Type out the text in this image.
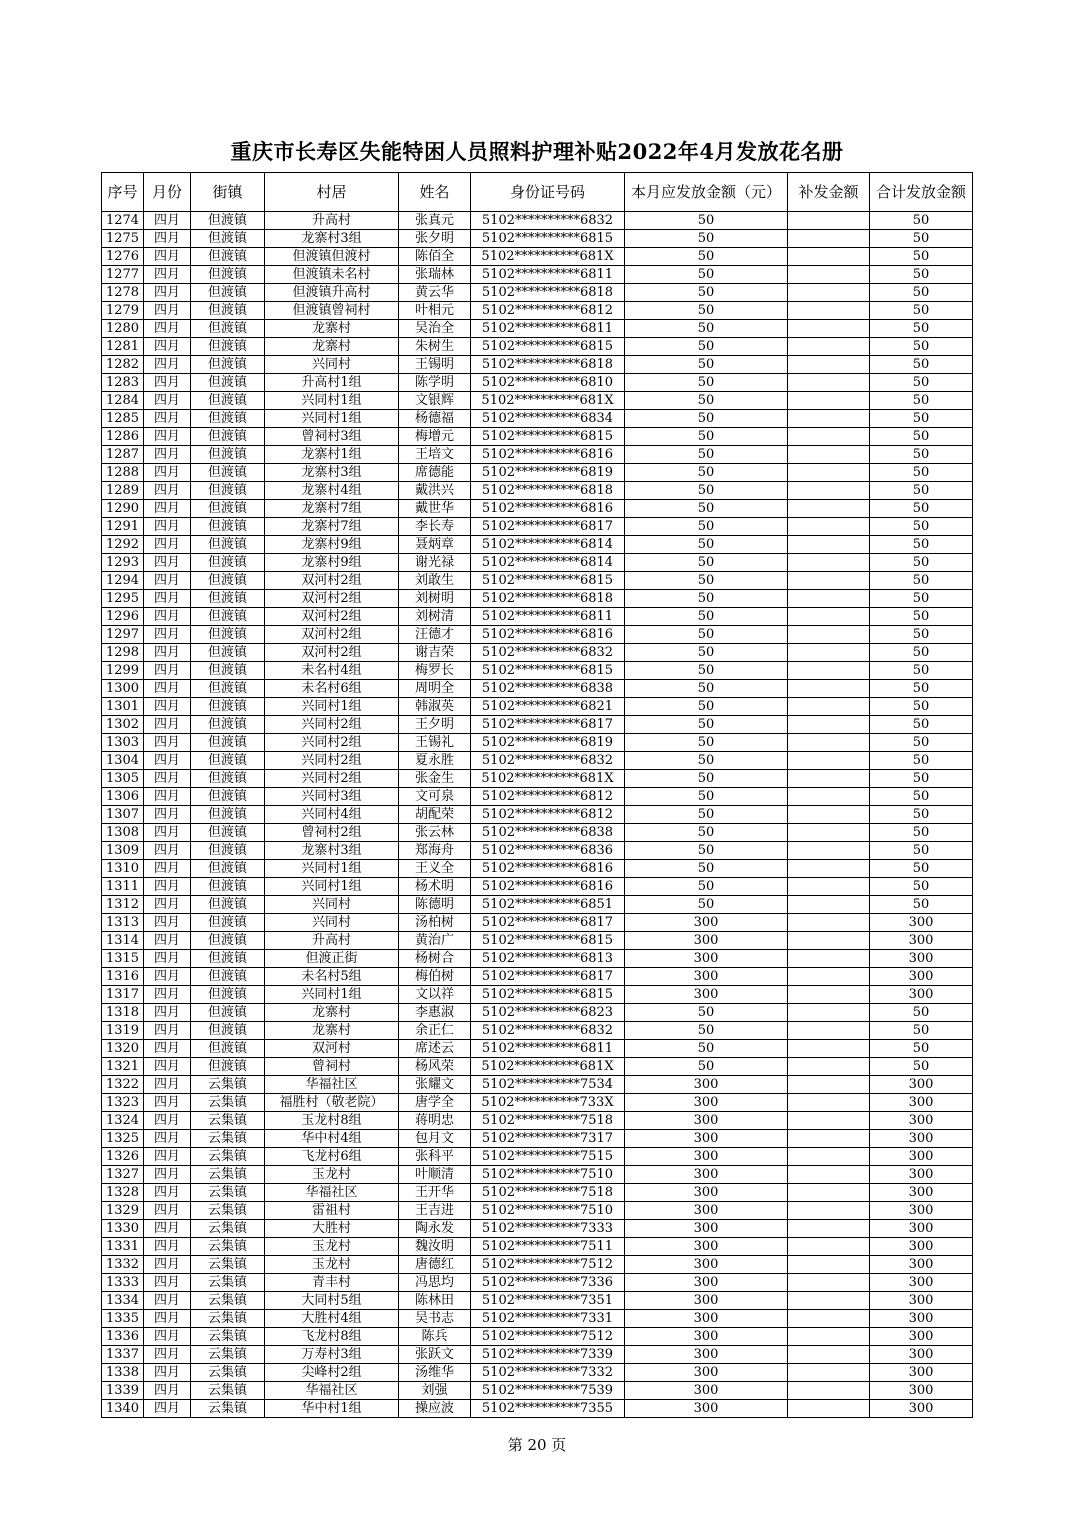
重庆市长寿区失能特困人员照料护理补贴2022年4月发放花名册
序号	月份	街镇	村居	姓名	身份证号码	本月应发放金额（元）	补发金额	合计发放金额
1274	四月	但渡镇	升高村	张真元	5102**********6832	50		50
1275	四月	但渡镇	龙寨村3组	张夕明	5102**********6815	50		50
1276	四月	但渡镇	但渡镇但渡村	陈佰全	5102**********681X	50		50
1277	四月	但渡镇	但渡镇未名村	张瑞林	5102**********6811	50		50
1278	四月	但渡镇	但渡镇升高村	黄云华	5102**********6818	50		50
1279	四月	但渡镇	但渡镇曾祠村	叶相元	5102**********6812	50		50
1280	四月	但渡镇	龙寨村	吴治全	5102**********6811	50		50
1281	四月	但渡镇	龙寨村	朱树生	5102**********6815	50		50
1282	四月	但渡镇	兴同村	王锡明	5102**********6818	50		50
1283	四月	但渡镇	升高村1组	陈学明	5102**********6810	50		50
1284	四月	但渡镇	兴同村1组	文银辉	5102**********681X	50		50
1285	四月	但渡镇	兴同村1组	杨德福	5102**********6834	50		50
1286	四月	但渡镇	曾祠村3组	梅增元	5102**********6815	50		50
1287	四月	但渡镇	龙寨村1组	王培文	5102**********6816	50		50
1288	四月	但渡镇	龙寨村3组	席德能	5102**********6819	50		50
1289	四月	但渡镇	龙寨村4组	戴洪兴	5102**********6818	50		50
1290	四月	但渡镇	龙寨村7组	戴世华	5102**********6816	50		50
1291	四月	但渡镇	龙寨村7组	李长寿	5102**********6817	50		50
1292	四月	但渡镇	龙寨村9组	聂炳章	5102**********6814	50		50
1293	四月	但渡镇	龙寨村9组	谢光禄	5102**********6814	50		50
1294	四月	但渡镇	双河村2组	刘敢生	5102**********6815	50		50
1295	四月	但渡镇	双河村2组	刘树明	5102**********6818	50		50
1296	四月	但渡镇	双河村2组	刘树清	5102**********6811	50		50
1297	四月	但渡镇	双河村2组	汪德才	5102**********6816	50		50
1298	四月	但渡镇	双河村2组	谢吉荣	5102**********6832	50		50
1299	四月	但渡镇	未名村4组	梅罗长	5102**********6815	50		50
1300	四月	但渡镇	未名村6组	周明全	5102**********6838	50		50
1301	四月	但渡镇	兴同村1组	韩淑英	5102**********6821	50		50
1302	四月	但渡镇	兴同村2组	王夕明	5102**********6817	50		50
1303	四月	但渡镇	兴同村2组	王锡礼	5102**********6819	50		50
1304	四月	但渡镇	兴同村2组	夏永胜	5102**********6832	50		50
1305	四月	但渡镇	兴同村2组	张金生	5102**********681X	50		50
1306	四月	但渡镇	兴同村3组	文可泉	5102**********6812	50		50
1307	四月	但渡镇	兴同村4组	胡配荣	5102**********6812	50		50
1308	四月	但渡镇	曾祠村2组	张云林	5102**********6838	50		50
1309	四月	但渡镇	龙寨村3组	郑海舟	5102**********6836	50		50
1310	四月	但渡镇	兴同村1组	王义全	5102**********6816	50		50
1311	四月	但渡镇	兴同村1组	杨术明	5102**********6816	50		50
1312	四月	但渡镇	兴同村	陈德明	5102**********6851	50		50
1313	四月	但渡镇	兴同村	汤柏树	5102**********6817	300		300
1314	四月	但渡镇	升高村	黄治广	5102**********6815	300		300
1315	四月	但渡镇	但渡正街	杨树合	5102**********6813	300		300
1316	四月	但渡镇	未名村5组	梅伯树	5102**********6817	300		300
1317	四月	但渡镇	兴同村1组	文以祥	5102**********6815	300		300
1318	四月	但渡镇	龙寨村	李惠淑	5102**********6823	50		50
1319	四月	但渡镇	龙寨村	余正仁	5102**********6832	50		50
1320	四月	但渡镇	双河村	席述云	5102**********6811	50		50
1321	四月	但渡镇	曾祠村	杨风荣	5102**********681X	50		50
1322	四月	云集镇	华福社区	张耀文	5102**********7534	300		300
1323	四月	云集镇	福胜村（敬老院）	唐学全	5102**********733X	300		300
1324	四月	云集镇	玉龙村8组	蒋明忠	5102**********7518	300		300
1325	四月	云集镇	华中村4组	包月文	5102**********7317	300		300
1326	四月	云集镇	飞龙村6组	张科平	5102**********7515	300		300
1327	四月	云集镇	玉龙村	叶顺清	5102**********7510	300		300
1328	四月	云集镇	华福社区	王开华	5102**********7518	300		300
1329	四月	云集镇	雷祖村	王吉进	5102**********7510	300		300
1330	四月	云集镇	大胜村	陶永发	5102**********7333	300		300
1331	四月	云集镇	玉龙村	魏汝明	5102**********7511	300		300
1332	四月	云集镇	玉龙村	唐德红	5102**********7512	300		300
1333	四月	云集镇	青丰村	冯思均	5102**********7336	300		300
1334	四月	云集镇	大同村5组	陈林田	5102**********7351	300		300
1335	四月	云集镇	大胜村4组	吴书志	5102**********7331	300		300
1336	四月	云集镇	飞龙村8组	陈兵	5102**********7512	300		300
1337	四月	云集镇	万寿村3组	张跃文	5102**********7339	300		300
1338	四月	云集镇	尖峰村2组	汤维华	5102**********7332	300		300
1339	四月	云集镇	华福社区	刘强	5102**********7539	300		300
1340	四月	云集镇	华中村1组	操应波	5102**********7355	300		300
第 20 页
